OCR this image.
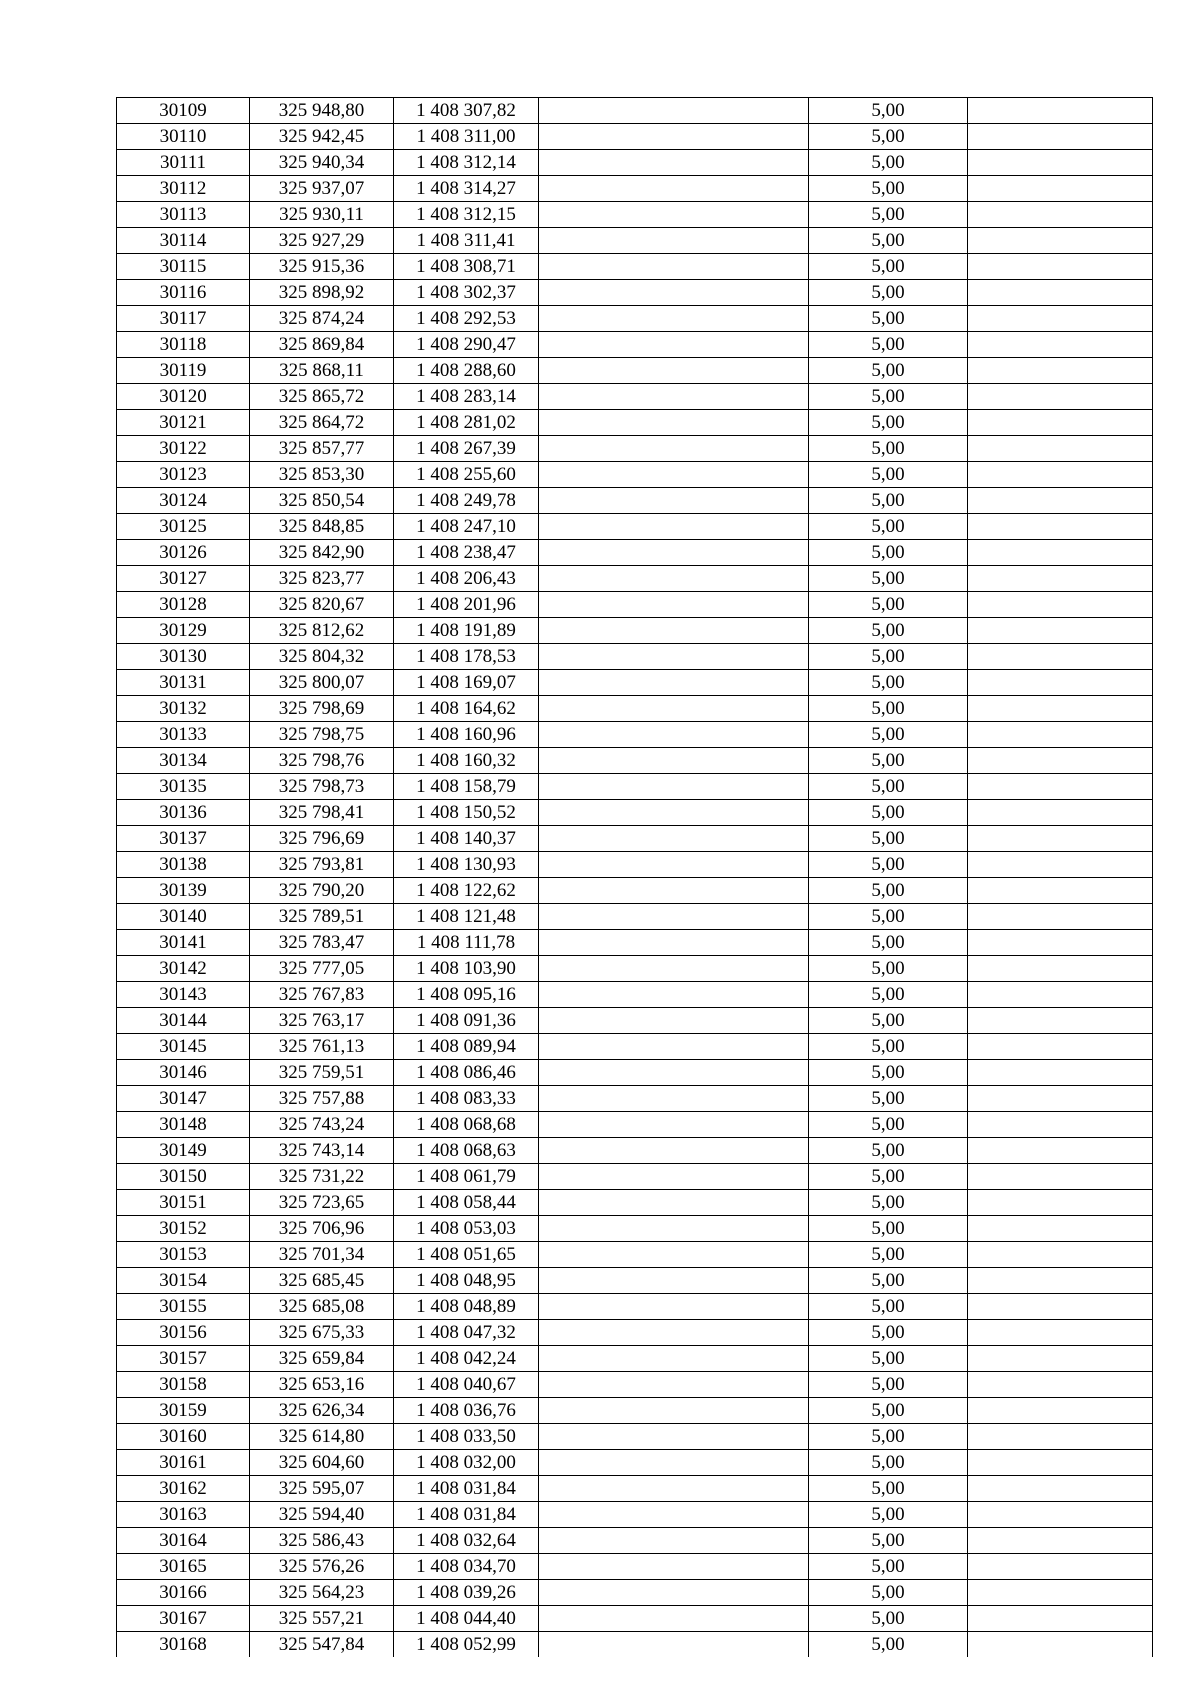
30109	325 948,80	1 408 307,82		5,00	
30110	325 942,45	1 408 311,00		5,00	
30111	325 940,34	1 408 312,14		5,00	
30112	325 937,07	1 408 314,27		5,00	
30113	325 930,11	1 408 312,15		5,00	
30114	325 927,29	1 408 311,41		5,00	
30115	325 915,36	1 408 308,71		5,00	
30116	325 898,92	1 408 302,37		5,00	
30117	325 874,24	1 408 292,53		5,00	
30118	325 869,84	1 408 290,47		5,00	
30119	325 868,11	1 408 288,60		5,00	
30120	325 865,72	1 408 283,14		5,00	
30121	325 864,72	1 408 281,02		5,00	
30122	325 857,77	1 408 267,39		5,00	
30123	325 853,30	1 408 255,60		5,00	
30124	325 850,54	1 408 249,78		5,00	
30125	325 848,85	1 408 247,10		5,00	
30126	325 842,90	1 408 238,47		5,00	
30127	325 823,77	1 408 206,43		5,00	
30128	325 820,67	1 408 201,96		5,00	
30129	325 812,62	1 408 191,89		5,00	
30130	325 804,32	1 408 178,53		5,00	
30131	325 800,07	1 408 169,07		5,00	
30132	325 798,69	1 408 164,62		5,00	
30133	325 798,75	1 408 160,96		5,00	
30134	325 798,76	1 408 160,32		5,00	
30135	325 798,73	1 408 158,79		5,00	
30136	325 798,41	1 408 150,52		5,00	
30137	325 796,69	1 408 140,37		5,00	
30138	325 793,81	1 408 130,93		5,00	
30139	325 790,20	1 408 122,62		5,00	
30140	325 789,51	1 408 121,48		5,00	
30141	325 783,47	1 408 111,78		5,00	
30142	325 777,05	1 408 103,90		5,00	
30143	325 767,83	1 408 095,16		5,00	
30144	325 763,17	1 408 091,36		5,00	
30145	325 761,13	1 408 089,94		5,00	
30146	325 759,51	1 408 086,46		5,00	
30147	325 757,88	1 408 083,33		5,00	
30148	325 743,24	1 408 068,68		5,00	
30149	325 743,14	1 408 068,63		5,00	
30150	325 731,22	1 408 061,79		5,00	
30151	325 723,65	1 408 058,44		5,00	
30152	325 706,96	1 408 053,03		5,00	
30153	325 701,34	1 408 051,65		5,00	
30154	325 685,45	1 408 048,95		5,00	
30155	325 685,08	1 408 048,89		5,00	
30156	325 675,33	1 408 047,32		5,00	
30157	325 659,84	1 408 042,24		5,00	
30158	325 653,16	1 408 040,67		5,00	
30159	325 626,34	1 408 036,76		5,00	
30160	325 614,80	1 408 033,50		5,00	
30161	325 604,60	1 408 032,00		5,00	
30162	325 595,07	1 408 031,84		5,00	
30163	325 594,40	1 408 031,84		5,00	
30164	325 586,43	1 408 032,64		5,00	
30165	325 576,26	1 408 034,70		5,00	
30166	325 564,23	1 408 039,26		5,00	
30167	325 557,21	1 408 044,40		5,00	
30168	325 547,84	1 408 052,99		5,00	
